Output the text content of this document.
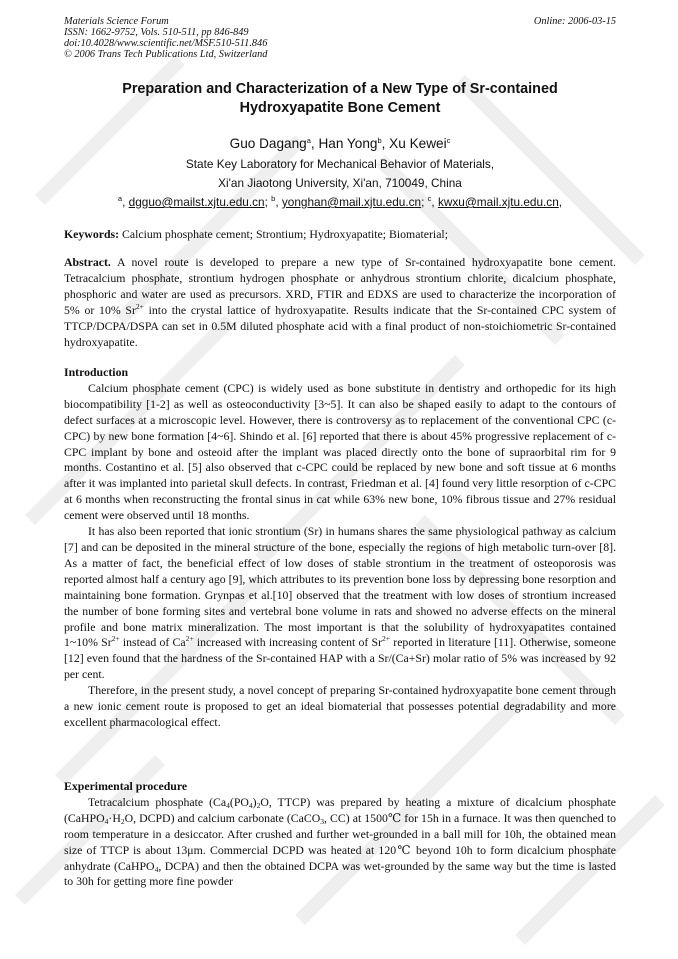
Materials Science Forum
ISSN: 1662-9752, Vols. 510-511, pp 846-849
doi:10.4028/www.scientific.net/MSF.510-511.846
© 2006 Trans Tech Publications Ltd, Switzerland
Online: 2006-03-15
Preparation and Characterization of a New Type of Sr-contained
Hydroxyapatite Bone Cement
Guo Dagang$^a$, Han Yong$^b$, Xu Kewei$^c$
State Key Laboratory for Mechanical Behavior of Materials,
Xi'an Jiaotong University, Xi'an, 710049, China
$^a$, dgguo@mailst.xjtu.edu.cn; $^b$, yonghan@mail.xjtu.edu.cn; $^c$, kwxu@mail.xjtu.edu.cn,

Keywords: Calcium phosphate cement; Strontium; Hydroxyapatite; Biomaterial;

Abstract. A novel route is developed to prepare a new type of Sr-contained hydroxyapatite bone cement. Tetracalcium phosphate, strontium hydrogen phosphate or anhydrous strontium chlorite, dicalcium phosphate, phosphoric and water are used as precursors. XRD, FTIR and EDXS are used to characterize the incorporation of 5% or 10% $Sr^{2+}$ into the crystal lattice of hydroxyapatite. Results indicate that the Sr-contained CPC system of TTCP/DCPA/DSPA can set in 0.5M diluted phosphate acid with a final product of non-stoichiometric Sr-contained hydroxyapatite.

Introduction

Calcium phosphate cement (CPC) is widely used as bone substitute in dentistry and orthopedic for its high biocompatibility [1-2] as well as osteoconductivity [3~5]. It can also be shaped easily to adapt to the contours of defect surfaces at a microscopic level. However, there is controversy as to replacement of the conventional CPC (c-CPC) by new bone formation [4~6]. Shindo et al. [6] reported that there is about 45% progressive replacement of c-CPC implant by bone and osteoid after the implant was placed directly onto the bone of supraorbital rim for 9 months. Costantino et al. [5] also observed that c-CPC could be replaced by new bone and soft tissue at 6 months after it was implanted into parietal skull defects. In contrast, Friedman et al. [4] found very little resorption of c-CPC at 6 months when reconstructing the frontal sinus in cat while 63% new bone, 10% fibrous tissue and 27% residual cement were observed until 18 months.

It has also been reported that ionic strontium (Sr) in humans shares the same physiological pathway as calcium [7] and can be deposited in the mineral structure of the bone, especially the regions of high metabolic turn-over [8]. As a matter of fact, the beneficial effect of low doses of stable strontium in the treatment of osteoporosis was reported almost half a century ago [9], which attributes to its prevention bone loss by depressing bone resorption and maintaining bone formation. Grynpas et al.[10] observed that the treatment with low doses of strontium increased the number of bone forming sites and vertebral bone volume in rats and showed no adverse effects on the mineral profile and bone matrix mineralization. The most important is that the solubility of hydroxyapatites contained 1~10% $Sr^{2+}$ instead of $Ca^{2+}$ increased with increasing content of $Sr^{2+}$ reported in literature [11]. Otherwise, someone [12] even found that the hardness of the Sr-contained HAP with a Sr/(Ca+Sr) molar ratio of 5% was increased by 92 per cent.

Therefore, in the present study, a novel concept of preparing Sr-contained hydroxyapatite bone cement through a new ionic cement route is proposed to get an ideal biomaterial that possesses potential degradability and more excellent pharmacological effect.

Experimental procedure

Tetracalcium phosphate ($Ca_4(PO_4)_2O$, TTCP) was prepared by heating a mixture of dicalcium phosphate ($CaHPO_4\cdot H_2O$, DCPD) and calcium carbonate (CaCO$_3$, CC) at 1500℃ for 15h in a furnace. It was then quenched to room temperature in a desiccator. After crushed and further wet-grounded in a ball mill for 10h, the obtained mean size of TTCP is about 13μm. Commercial DCPD was heated at 120℃ beyond 10h to form dicalcium phosphate anhydrate (CaHPO$_4$, DCPA) and then the obtained DCPA was wet-grounded by the same way but the time is lasted to 30h for getting more fine powder
